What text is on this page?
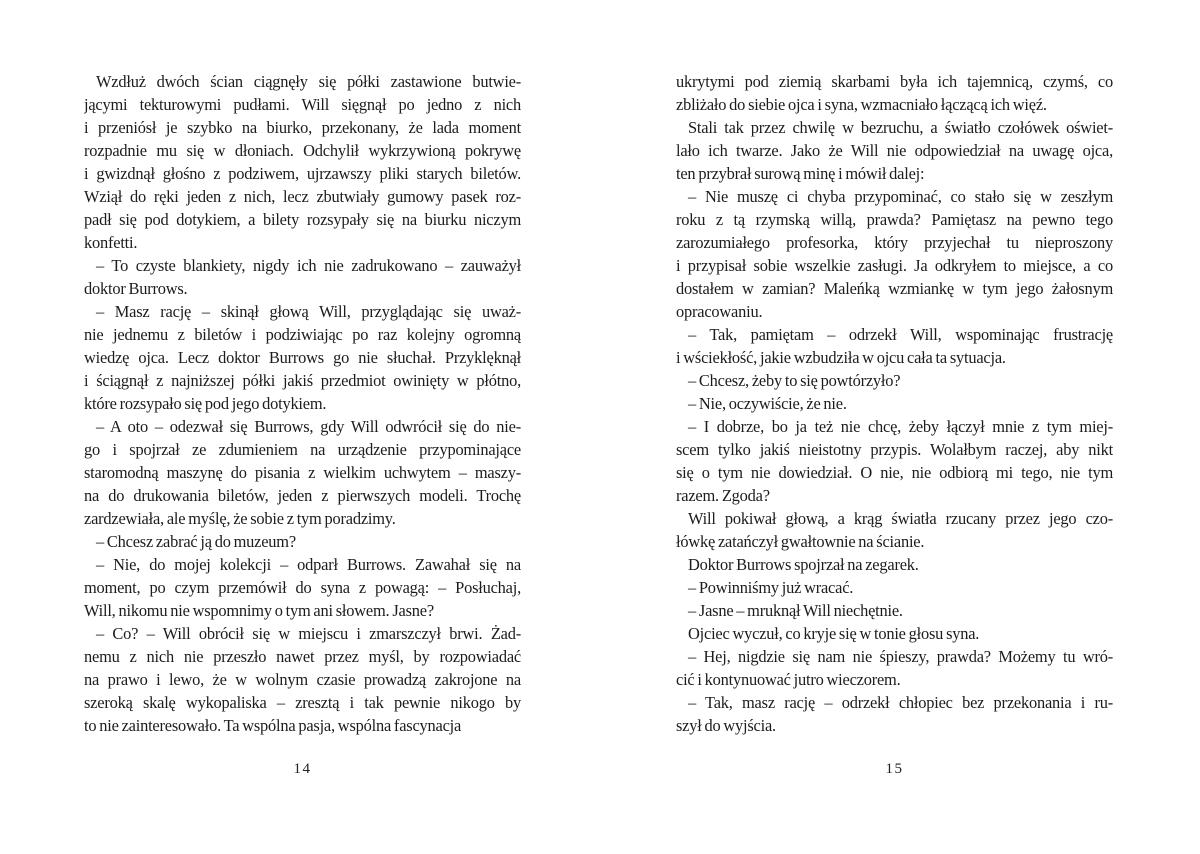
Wzdłuż dwóch ścian ciągnęły się półki zastawione butwie-
jącymi tekturowymi pudłami. Will sięgnął po jedno z nich
i przeniósł je szybko na biurko, przekonany, że lada moment
rozpadnie mu się w dłoniach. Odchylił wykrzywioną pokrywę
i gwizdnął głośno z podziwem, ujrzawszy pliki starych biletów.
Wziął do ręki jeden z nich, lecz zbutwiały gumowy pasek roz-
padł się pod dotykiem, a bilety rozsypały się na biurku niczym
konfetti.
– To czyste blankiety, nigdy ich nie zadrukowano – zauważył
doktor Burrows.
– Masz rację – skinął głową Will, przyglądając się uważ-
nie jednemu z biletów i podziwiając po raz kolejny ogromną
wiedzę ojca. Lecz doktor Burrows go nie słuchał. Przyklęknął
i ściągnął z najniższej półki jakiś przedmiot owinięty w płótno,
które rozsypało się pod jego dotykiem.
– A oto – odezwał się Burrows, gdy Will odwrócił się do nie-
go i spojrzał ze zdumieniem na urządzenie przypominające
staromodną maszynę do pisania z wielkim uchwytem – maszy-
na do drukowania biletów, jeden z pierwszych modeli. Trochę
zardzewiała, ale myślę, że sobie z tym poradzimy.
– Chcesz zabrać ją do muzeum?
– Nie, do mojej kolekcji – odparł Burrows. Zawahał się na
moment, po czym przemówił do syna z powagą: – Posłuchaj,
Will, nikomu nie wspomnimy o tym ani słowem. Jasne?
– Co? – Will obrócił się w miejscu i zmarszczył brwi. Żad-
nemu z nich nie przeszło nawet przez myśl, by rozpowiadać
na prawo i lewo, że w wolnym czasie prowadzą zakrojone na
szeroką skalę wykopaliska – zresztą i tak pewnie nikogo by
to nie zainteresowało. Ta wspólna pasja, wspólna fascynacja
14
ukrytymi pod ziemią skarbami była ich tajemnicą, czymś, co
zbliżało do siebie ojca i syna, wzmacniało łączącą ich więź.
Stali tak przez chwilę w bezruchu, a światło czołówek oświet-
lało ich twarze. Jako że Will nie odpowiedział na uwagę ojca,
ten przybrał surową minę i mówił dalej:
– Nie muszę ci chyba przypominać, co stało się w zeszłym
roku z tą rzymską willą, prawda? Pamiętasz na pewno tego
zarozumiałego profesorka, który przyjechał tu nieproszony
i przypisał sobie wszelkie zasługi. Ja odkryłem to miejsce, a co
dostałem w zamian? Maleńką wzmiankę w tym jego żałosnym
opracowaniu.
– Tak, pamiętam – odrzekł Will, wspominając frustrację
i wściekłość, jakie wzbudziła w ojcu cała ta sytuacja.
– Chcesz, żeby to się powtórzyło?
– Nie, oczywiście, że nie.
– I dobrze, bo ja też nie chcę, żeby łączył mnie z tym miej-
scem tylko jakiś nieistotny przypis. Wolałbym raczej, aby nikt
się o tym nie dowiedział. O nie, nie odbiorą mi tego, nie tym
razem. Zgoda?
Will pokiwał głową, a krąg światła rzucany przez jego czo-
łówkę zatańczył gwałtownie na ścianie.
Doktor Burrows spojrzał na zegarek.
– Powinniśmy już wracać.
– Jasne – mruknął Will niechętnie.
Ojciec wyczuł, co kryje się w tonie głosu syna.
– Hej, nigdzie się nam nie śpieszy, prawda? Możemy tu wró-
cić i kontynuować jutro wieczorem.
– Tak, masz rację – odrzekł chłopiec bez przekonania i ru-
szył do wyjścia.
15
